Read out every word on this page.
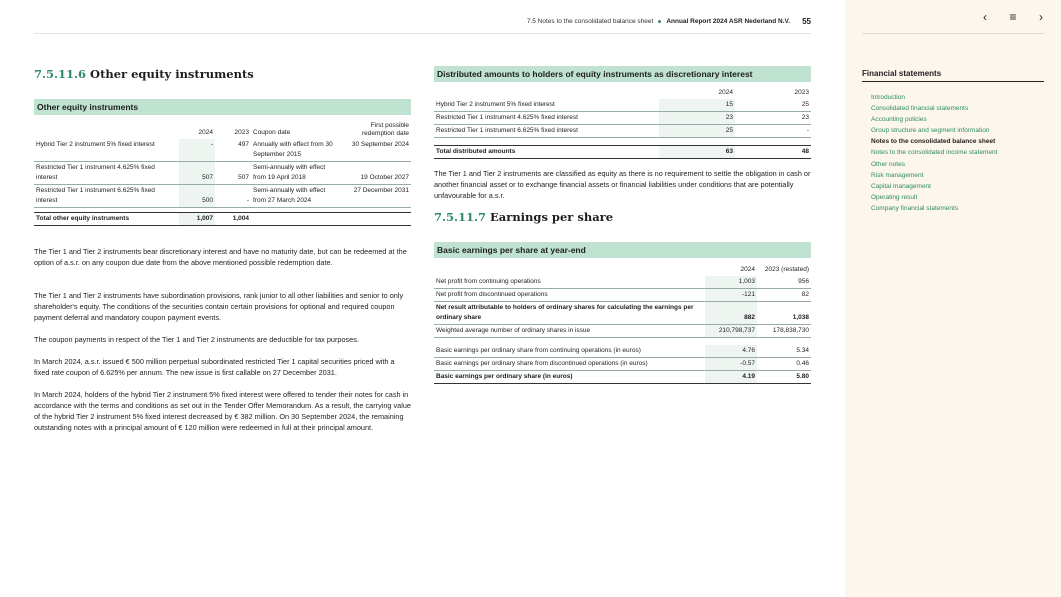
7.5 Notes to the consolidated balance sheet Annual Report 2024 ASR Nederland N.V. 55
7.5.11.6 Other equity instruments
Other equity instruments
	2024	2023	Coupon date	First possible redemption date
Hybrid Tier 2 instrument 5% fixed interest	-	497	Annually with effect from 30 September 2015	30 September 2024
Restricted Tier 1 instrument 4.625% fixed interest	507	507	Semi-annually with effect from 19 April 2018	19 October 2027
Restricted Tier 1 instrument 6.625% fixed interest	500	-	Semi-annually with effect from 27 March 2024	27 December 2031

Total other equity instruments	1,007	1,004		
The Tier 1 and Tier 2 instruments bear discretionary interest and have no maturity date, but can be redeemed at the option of a.s.r. on any coupon due date from the above mentioned possible redemption date.
The Tier 1 and Tier 2 instruments have subordination provisions, rank junior to all other liabilities and senior to only shareholder's equity. The conditions of the securities contain certain provisions for optional and required coupon payment deferral and mandatory coupon payment events.
The coupon payments in respect of the Tier 1 and Tier 2 instruments are deductible for tax purposes.
In March 2024, a.s.r. issued € 500 million perpetual subordinated restricted Tier 1 capital securities priced with a fixed rate coupon of 6.625% per annum. The new issue is first callable on 27 December 2031.
In March 2024, holders of the hybrid Tier 2 instrument 5% fixed interest were offered to tender their notes for cash in accordance with the terms and conditions as set out in the Tender Offer Memorandum. As a result, the carrying value of the hybrid Tier 2 instrument 5% fixed interest decreased by € 382 million. On 30 September 2024, the remaining outstanding notes with a principal amount of € 120 million were redeemed in full at their principal amount.
Distributed amounts to holders of equity instruments as discretionary interest
	2024	2023
Hybrid Tier 2 instrument 5% fixed interest	15	25
Restricted Tier 1 instrument 4.625% fixed interest	23	23
Restricted Tier 1 instrument 6.625% fixed interest	25	-

Total distributed amounts	63	48
The Tier 1 and Tier 2 instruments are classified as equity as there is no requirement to settle the obligation in cash or another financial asset or to exchange financial assets or financial liabilities under conditions that are potentially unfavourable for a.s.r.
7.5.11.7 Earnings per share
Basic earnings per share at year-end
	2024	2023 (restated)
Net profit from continuing operations	1,003	956
Net profit from discontinued operations	-121	82
Net result attributable to holders of ordinary shares for calculating the earnings per ordinary share	882	1,038
Weighted average number of ordinary shares in issue	210,798,737	178,838,730

Basic earnings per ordinary share from continuing operations (in euros)	4.76	5.34
Basic earnings per ordinary share from discontinued operations (in euros)	-0.57	0.46
Basic earnings per ordinary share (in euros)	4.19	5.80
‹ ≡ ›
Financial statements
Introduction
Consolidated financial statements
Accounting policies
Group structure and segment information
Notes to the consolidated balance sheet
Notes to the consolidated income statement
Other notes
Risk management
Capital management
Operating result
Company financial statements
